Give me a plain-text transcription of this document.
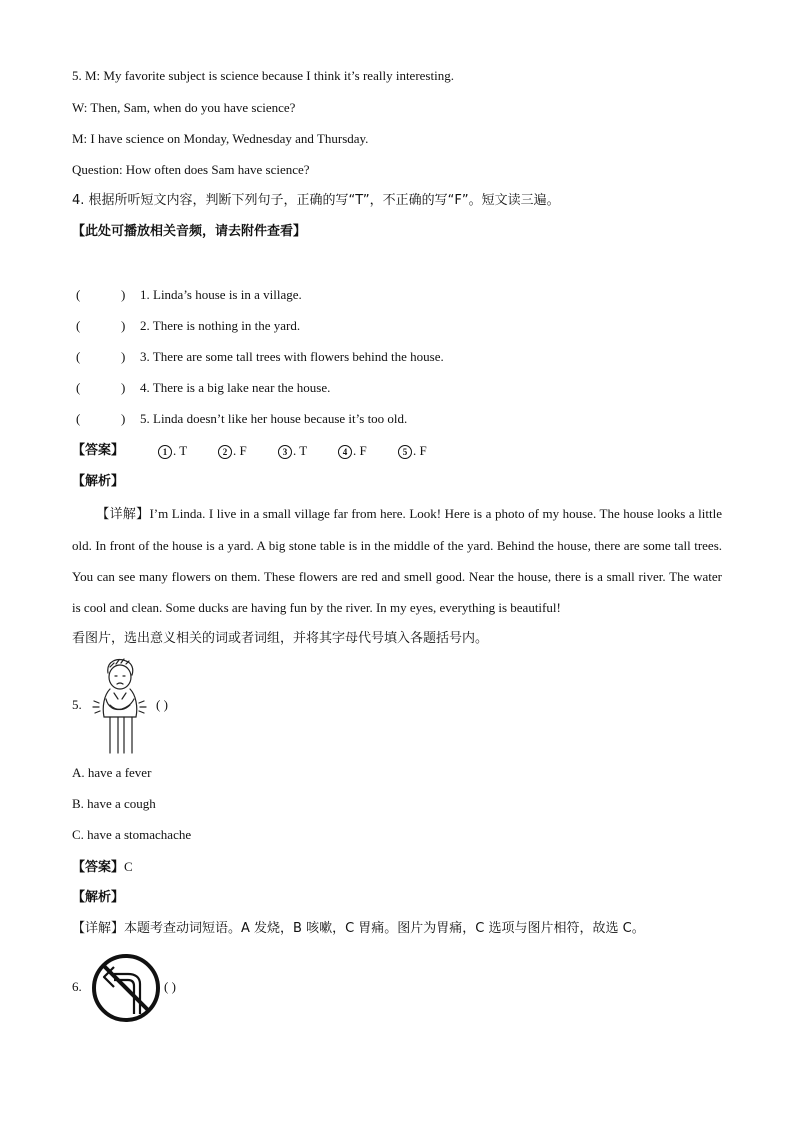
5. M: My favorite subject is science because I think it’s really interesting.
W: Then, Sam, when do you have science?
M: I have science on Monday, Wednesday and Thursday.
Question: How often does Sam have science?
4. 根据所听短文内容，判断下列句子，正确的写“T”，不正确的写“F”。短文读三遍。
【此处可播放相关音频，请去附件查看】
(	) 1. Linda’s house is in a village.
(	) 2. There is nothing in the yard.
(	) 3. There are some tall trees with flowers behind the house.
(	) 4. There is a big lake near the house.
(	) 5. Linda doesn’t like her house because it’s too old.
【答案】	1 . T	2 . F	3 . T	4 . F	5 . F
【解析】
【详解】I’m Linda. I live in a small village far from here. Look! Here is a photo of my house. The house looks a little old. In front of the house is a yard. A big stone table is in the middle of the yard. Behind the house, there are some tall trees. You can see many flowers on them. These flowers are red and smell good. Near the house, there is a small river. The water is cool and clean. Some ducks are having fun by the river. In my eyes, everything is beautiful!
看图片，选出意义相关的词或者词组，并将其字母代号填入各题括号内。
5.	( )
A. have a fever
B. have a cough
C. have a stomachache
【答案】C
【解析】
【详解】本题考查动词短语。A 发烧，B 咳嗽，C 胃痛。图片为胃痛，C 选项与图片相符，故选 C。
6.	( )
